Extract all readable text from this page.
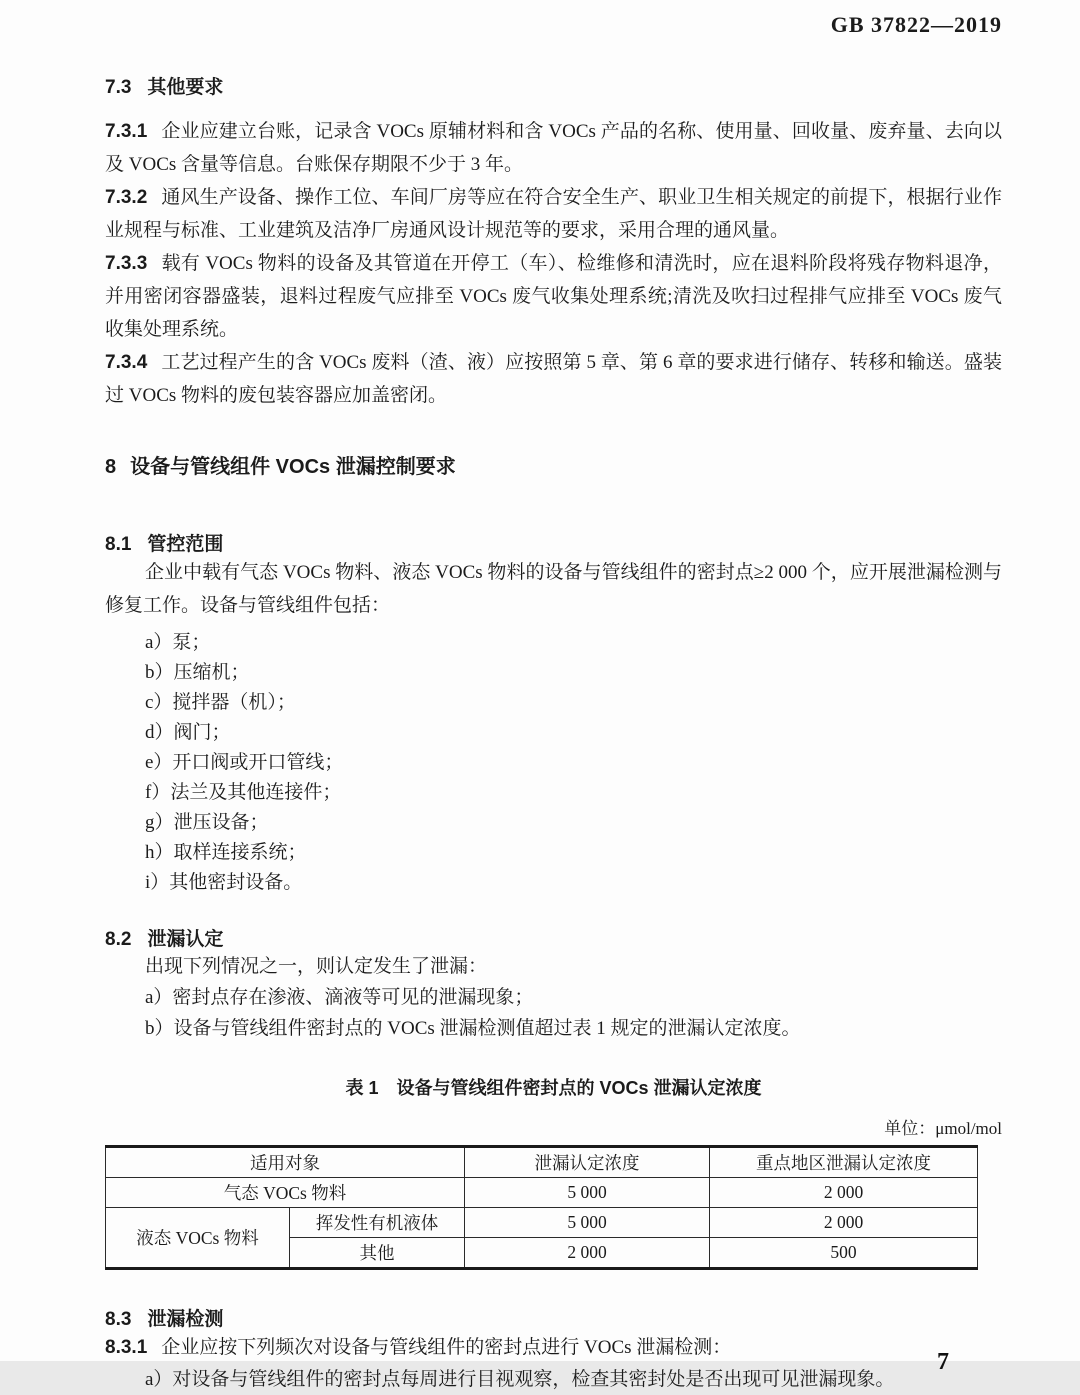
GB 37822—2019
7.3 其他要求

7.3.1 企业应建立台账，记录含 VOCs 原辅材料和含 VOCs 产品的名称、使用量、回收量、废弃量、去向以及 VOCs 含量等信息。台账保存期限不少于 3 年。

7.3.2 通风生产设备、操作工位、车间厂房等应在符合安全生产、职业卫生相关规定的前提下，根据行业作业规程与标准、工业建筑及洁净厂房通风设计规范等的要求，采用合理的通风量。

7.3.3 载有 VOCs 物料的设备及其管道在开停工（车）、检维修和清洗时，应在退料阶段将残存物料退净，并用密闭容器盛装，退料过程废气应排至 VOCs 废气收集处理系统;清洗及吹扫过程排气应排至 VOCs 废气收集处理系统。

7.3.4 工艺过程产生的含 VOCs 废料（渣、液）应按照第 5 章、第 6 章的要求进行储存、转移和输送。盛装过 VOCs 物料的废包装容器应加盖密闭。

8 设备与管线组件 VOCs 泄漏控制要求
8.1 管控范围

企业中载有气态 VOCs 物料、液态 VOCs 物料的设备与管线组件的密封点≥2 000 个，应开展泄漏检测与修复工作。设备与管线组件包括：

a）泵；
b）压缩机；
c）搅拌器（机）；
d）阀门；
e）开口阀或开口管线；
f）法兰及其他连接件；
g）泄压设备；
h）取样连接系统；
i）其他密封设备。
8.2 泄漏认定

出现下列情况之一，则认定发生了泄漏：

a）密封点存在渗液、滴液等可见的泄漏现象；

b）设备与管线组件密封点的 VOCs 泄漏检测值超过表 1 规定的泄漏认定浓度。

表 1 设备与管线组件密封点的 VOCs 泄漏认定浓度
单位：μmol/mol
适用对象		泄漏认定浓度	重点地区泄漏认定浓度
气态 VOCs 物料		5 000	2 000
液态 VOCs 物料	挥发性有机液体	5 000	2 000
	其他	2 000	500
8.3 泄漏检测

8.3.1 企业应按下列频次对设备与管线组件的密封点进行 VOCs 泄漏检测：

a）对设备与管线组件的密封点每周进行目视观察，检查其密封处是否出现可见泄漏现象。

7
